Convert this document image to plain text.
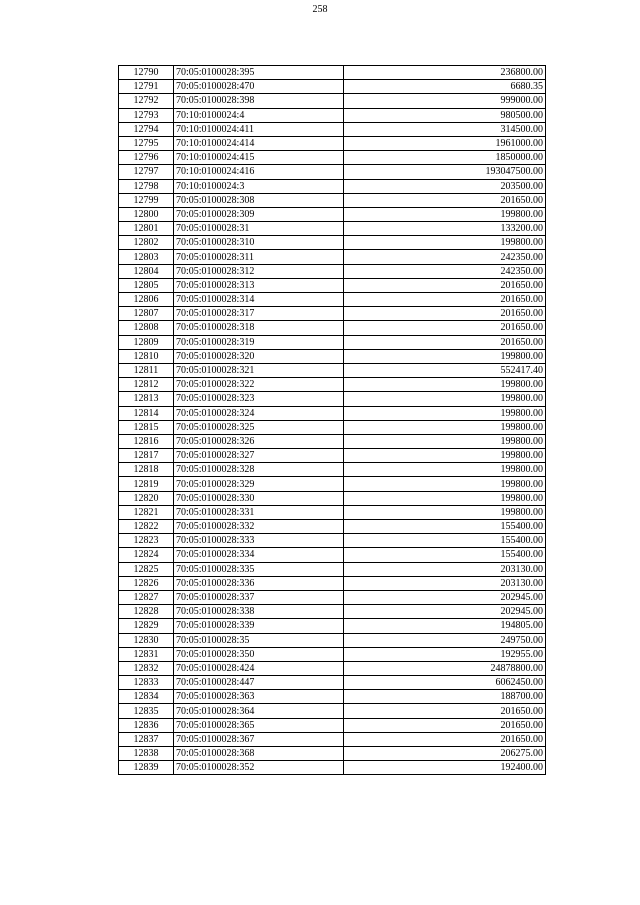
258
12790	70:05:0100028:395	236800.00
12791	70:05:0100028:470	6680.35
12792	70:05:0100028:398	999000.00
12793	70:10:0100024:4	980500.00
12794	70:10:0100024:411	314500.00
12795	70:10:0100024:414	1961000.00
12796	70:10:0100024:415	1850000.00
12797	70:10:0100024:416	193047500.00
12798	70:10:0100024:3	203500.00
12799	70:05:0100028:308	201650.00
12800	70:05:0100028:309	199800.00
12801	70:05:0100028:31	133200.00
12802	70:05:0100028:310	199800.00
12803	70:05:0100028:311	242350.00
12804	70:05:0100028:312	242350.00
12805	70:05:0100028:313	201650.00
12806	70:05:0100028:314	201650.00
12807	70:05:0100028:317	201650.00
12808	70:05:0100028:318	201650.00
12809	70:05:0100028:319	201650.00
12810	70:05:0100028:320	199800.00
12811	70:05:0100028:321	552417.40
12812	70:05:0100028:322	199800.00
12813	70:05:0100028:323	199800.00
12814	70:05:0100028:324	199800.00
12815	70:05:0100028:325	199800.00
12816	70:05:0100028:326	199800.00
12817	70:05:0100028:327	199800.00
12818	70:05:0100028:328	199800.00
12819	70:05:0100028:329	199800.00
12820	70:05:0100028:330	199800.00
12821	70:05:0100028:331	199800.00
12822	70:05:0100028:332	155400.00
12823	70:05:0100028:333	155400.00
12824	70:05:0100028:334	155400.00
12825	70:05:0100028:335	203130.00
12826	70:05:0100028:336	203130.00
12827	70:05:0100028:337	202945.00
12828	70:05:0100028:338	202945.00
12829	70:05:0100028:339	194805.00
12830	70:05:0100028:35	249750.00
12831	70:05:0100028:350	192955.00
12832	70:05:0100028:424	24878800.00
12833	70:05:0100028:447	6062450.00
12834	70:05:0100028:363	188700.00
12835	70:05:0100028:364	201650.00
12836	70:05:0100028:365	201650.00
12837	70:05:0100028:367	201650.00
12838	70:05:0100028:368	206275.00
12839	70:05:0100028:352	192400.00
